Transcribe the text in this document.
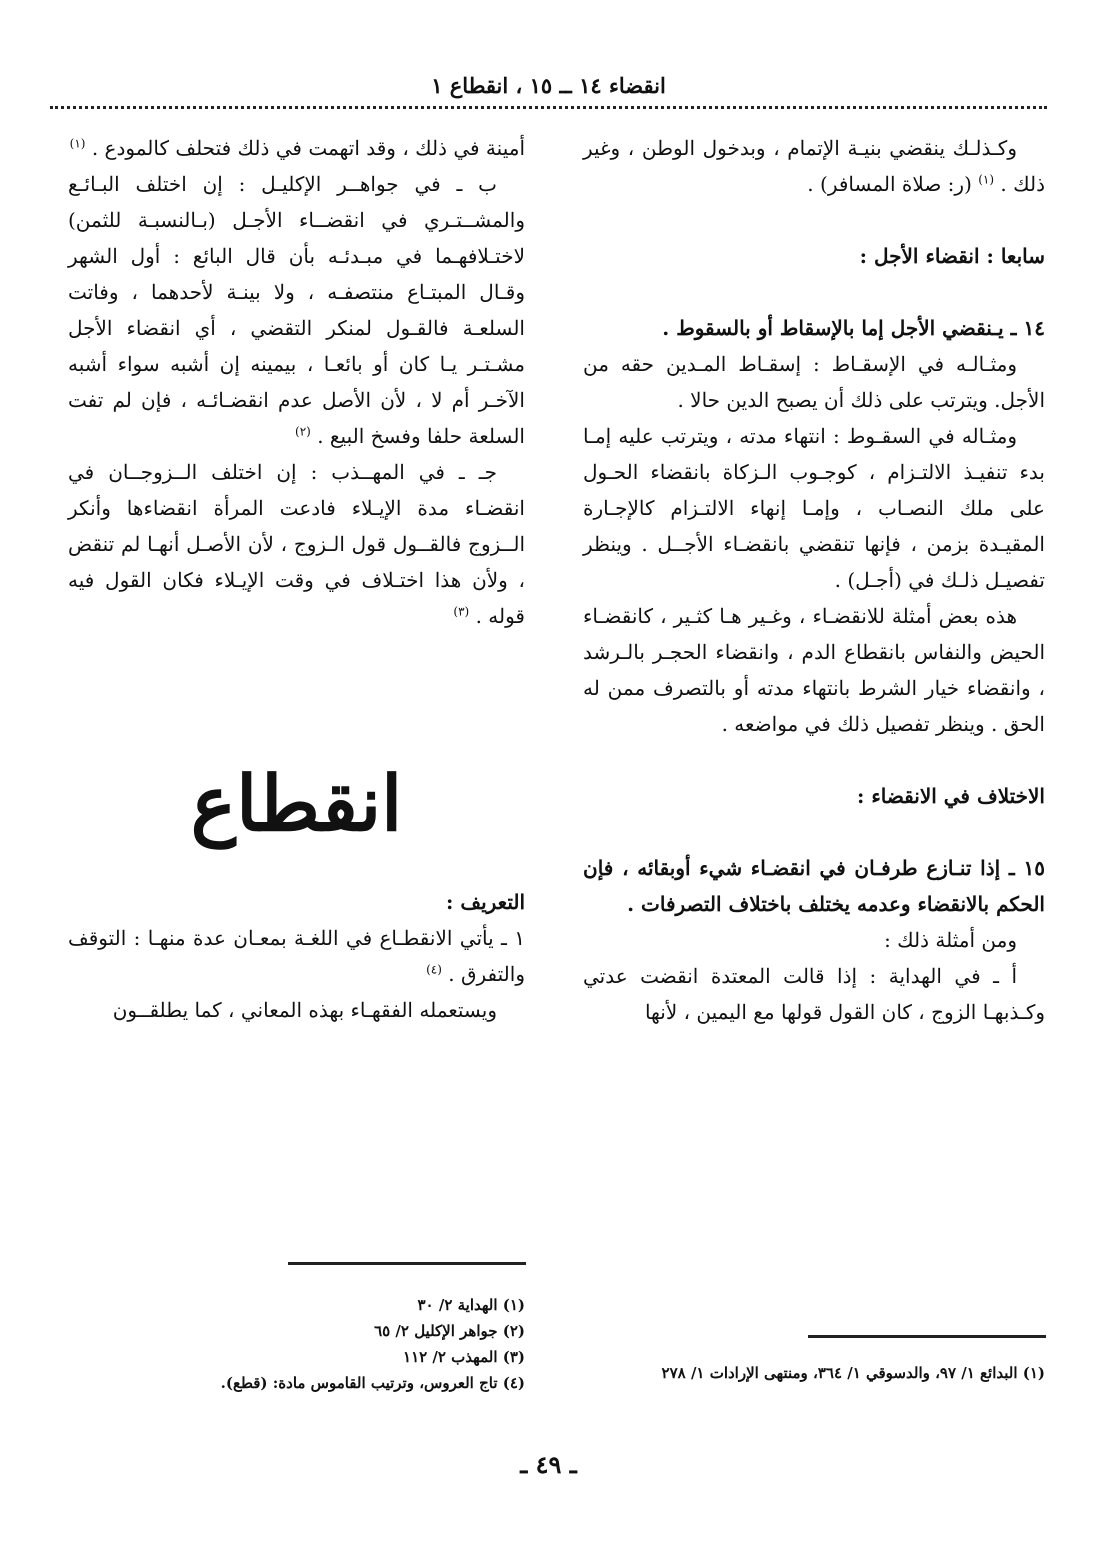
انقضاء ١٤ ــ ١٥ ، انقطاع ١

وكـذلـك ينقضي بنيـة الإتمام ، وبدخول الوطن ، وغير ذلك . $^{(١)}$ (ر: صلاة المسافر) .

سابعا : انقضاء الأجل :

١٤ ـ يـنقضي الأجل إما بالإسقاط أو بالسقوط .

ومثـالـه في الإسقـاط : إسقـاط المـدين حقه من الأجل. ويترتب على ذلك أن يصبح الدين حالا .

ومثـاله في السقـوط : انتهاء مدته ، ويترتب عليه إمـا بدء تنفيـذ الالتـزام ، كوجـوب الـزكاة بانقضاء الحـول على ملك النصـاب ، وإمـا إنهاء الالتـزام كالإجـارة المقيـدة بزمن ، فإنها تنقضي بانقضـاء الأجــل . وينظر تفصيـل ذلـك في (أجـل) .

هذه بعض أمثلة للانقضـاء ، وغـير هـا كثـير ، كانقضـاء الحيض والنفاس بانقطاع الدم ، وانقضاء الحجـر بالـرشد ، وانقضاء خيار الشرط بانتهاء مدته أو بالتصرف ممن له الحق . وينظر تفصيل ذلك في مواضعه .

الاختلاف في الانقضاء :

١٥ ـ إذا تنـازع طرفـان في انقضـاء شيء أوبقائه ، فإن الحكم بالانقضاء وعدمه يختلف باختلاف التصرفات .

ومن أمثلة ذلك :

أ ـ في الهداية : إذا قالت المعتدة انقضت عدتي وكـذبهـا الزوج ، كان القول قولها مع اليمين ، لأنها

أمينة في ذلك ، وقد اتهمت في ذلك فتحلف كالمودع . $^{(١)}$

ب ـ في جواهــر الإكليـل : إن اختلف البـائـع والمشــتـري في انقضــاء الأجـل (بـالنسبـة للثمن) لاختـلافهـما في مبـدئـه بأن قال البائع : أول الشهر وقـال المبتـاع منتصفـه ، ولا بينـة لأحدهما ، وفاتت السلعـة فالقـول لمنكر التقضي ، أي انقضاء الأجل مشـتـر يـا كان أو بائعـا ، بيمينه إن أشبه سواء أشبه الآخـر أم لا ، لأن الأصل عدم انقضـائـه ، فإن لم تفت السلعة حلفا وفسخ البيع . $^{(٢)}$

جـ ـ في المهــذب : إن اختلف الــزوجــان في انقضـاء مدة الإيـلاء فادعت المرأة انقضاءها وأنكر الــزوج فالقــول قول الـزوج ، لأن الأصـل أنهـا لم تنقض ، ولأن هذا اختـلاف في وقت الإيـلاء فكان القول فيه قوله . $^{(٣)}$

انقطاع

التعريف :

١ ـ يأتي الانقطـاع في اللغـة بمعـان عدة منهـا : التوقف والتفرق . $^{(٤)}$

ويستعمله الفقهـاء بهذه المعاني ، كما يطلقــون

(١) الهداية ٢/ ٣٠
(٢) جواهر الإكليل ٢/ ٦٥
(٣) المهذب ٢/ ١١٢
(٤) تاج العروس، وترتيب القاموس مادة: (قطع).
(١) البدائع ١/ ٩٧، والدسوقي ١/ ٣٦٤، ومنتهى الإرادات ١/ ٢٧٨
ـ ٤٩ ـ
